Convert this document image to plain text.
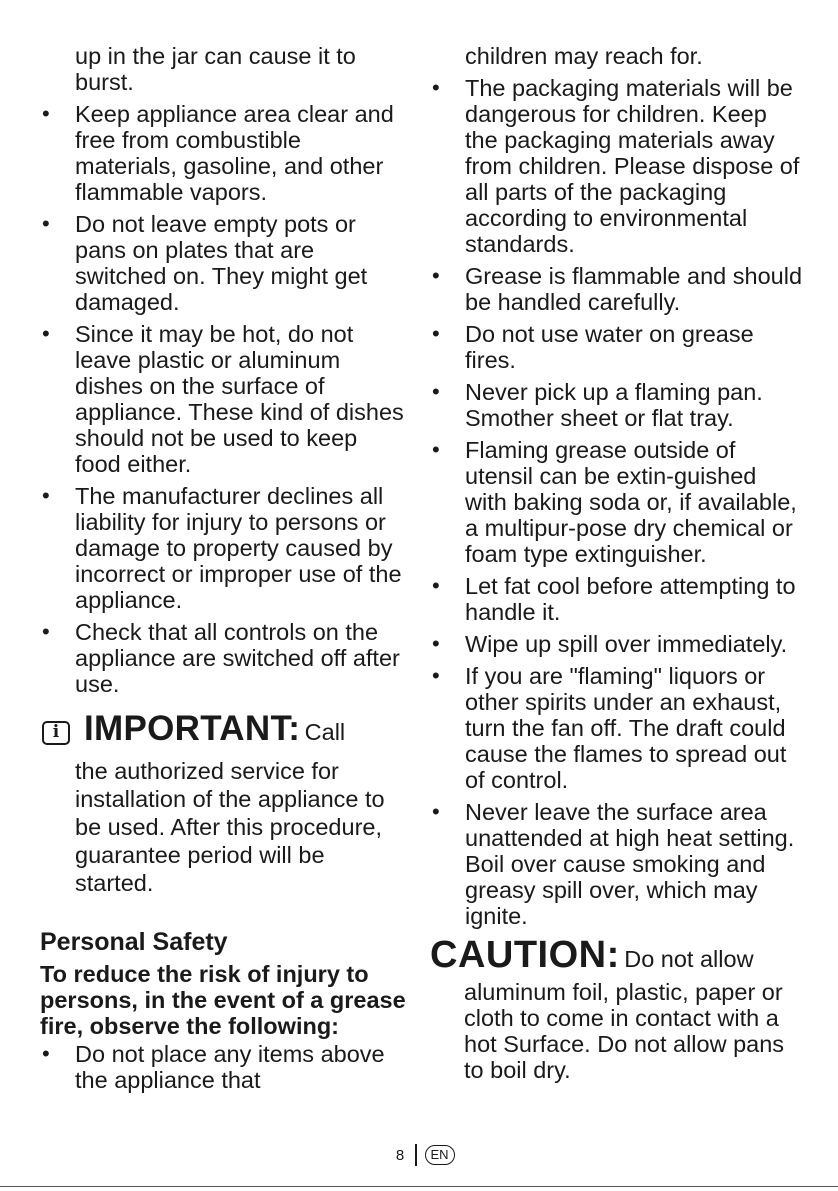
up in the jar can cause it to burst.
• Keep appliance area clear and free from combustible materials, gasoline, and other flammable vapors.
• Do not leave empty pots or pans on plates that are switched on. They might get damaged.
• Since it may be hot, do not leave plastic or aluminum dishes on the surface of appliance. These kind of dishes should not be used to keep food either.
• The manufacturer declines all liability for injury to persons or damage to property caused by incorrect or improper use of the appliance.
• Check that all controls on the appliance are switched off after use.
i IMPORTANT: Call
the authorized service for installation of the appliance to be used. After this procedure, guarantee period will be started.
Personal Safety
To reduce the risk of injury to persons, in the event of a grease fire, observe the following:
• Do not place any items above the appliance that
children may reach for.
• The packaging materials will be dangerous for children. Keep the packaging materials away from children. Please dispose of all parts of the packaging according to environmental standards.
• Grease is flammable and should be handled carefully.
• Do not use water on grease fires.
• Never pick up a flaming pan. Smother sheet or flat tray.
• Flaming grease outside of utensil can be extin-guished with baking soda or, if available, a multipur-pose dry chemical or foam type extinguisher.
• Let fat cool before attempting to handle it.
• Wipe up spill over immediately.
• If you are "flaming" liquors or other spirits under an exhaust, turn the fan off. The draft could cause the flames to spread out of control.
• Never leave the surface area unattended at high heat setting. Boil over cause smoking and greasy spill over, which may ignite.
CAUTION: Do not allow
aluminum foil, plastic, paper or cloth to come in contact with a hot Surface. Do not allow pans to boil dry.
8	EN
